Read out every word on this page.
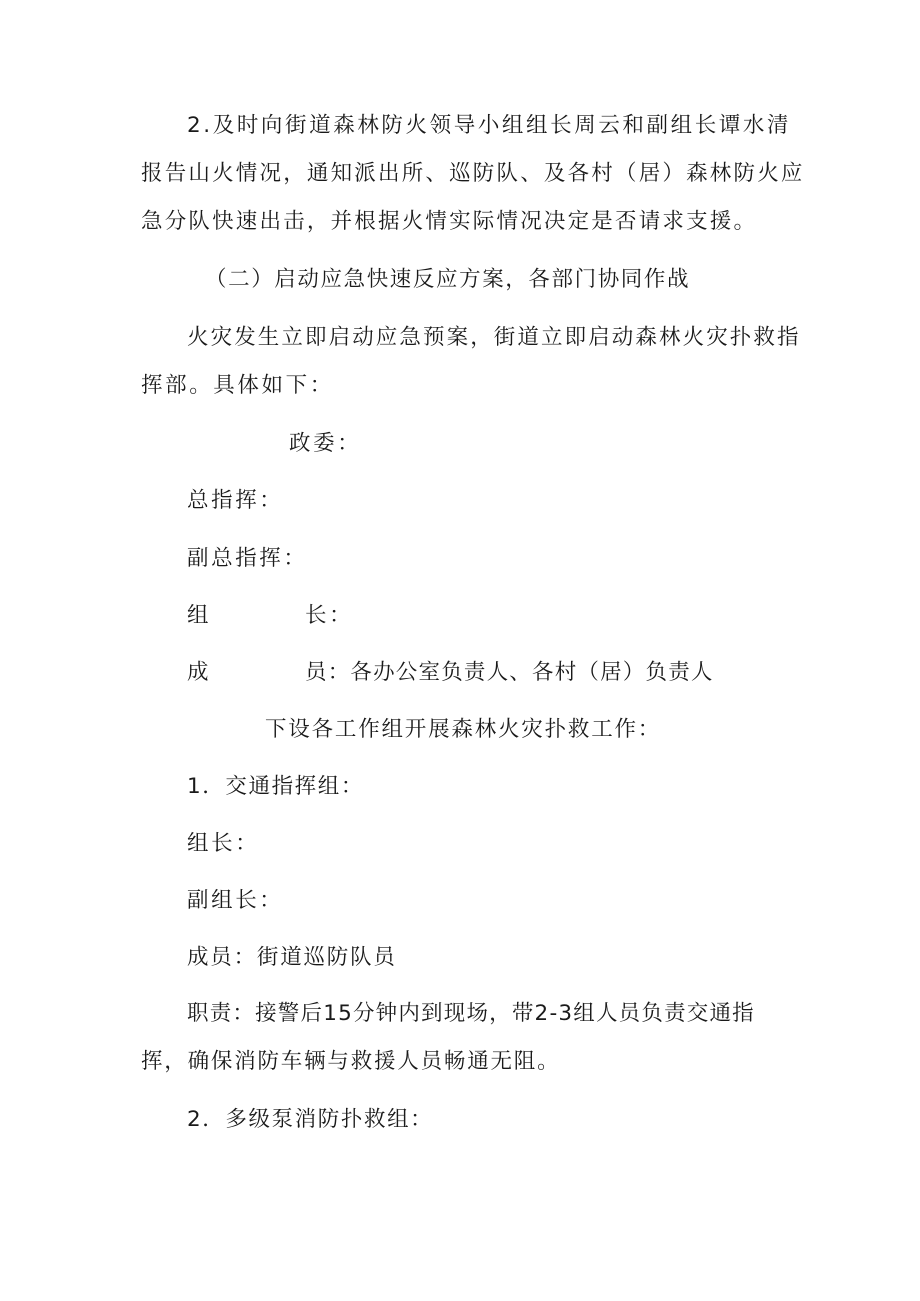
2.及时向街道森林防火领导小组组长周云和副组长谭水清
报告山火情况，通知派出所、巡防队、及各村（居）森林防火应
急分队快速出击，并根据火情实际情况决定是否请求支援。
（二）启动应急快速反应方案，各部门协同作战
火灾发生立即启动应急预案，街道立即启动森林火灾扑救指
挥部。具体如下：
政委：
总指挥：
副总指挥：
组	长：
成	员：各办公室负责人、各村（居）负责人
下设各工作组开展森林火灾扑救工作：
1．交通指挥组：
组长：
副组长：
成员：街道巡防队员
职责：接警后15分钟内到现场，带2-3组人员负责交通指
挥，确保消防车辆与救援人员畅通无阻。
2．多级泵消防扑救组：
